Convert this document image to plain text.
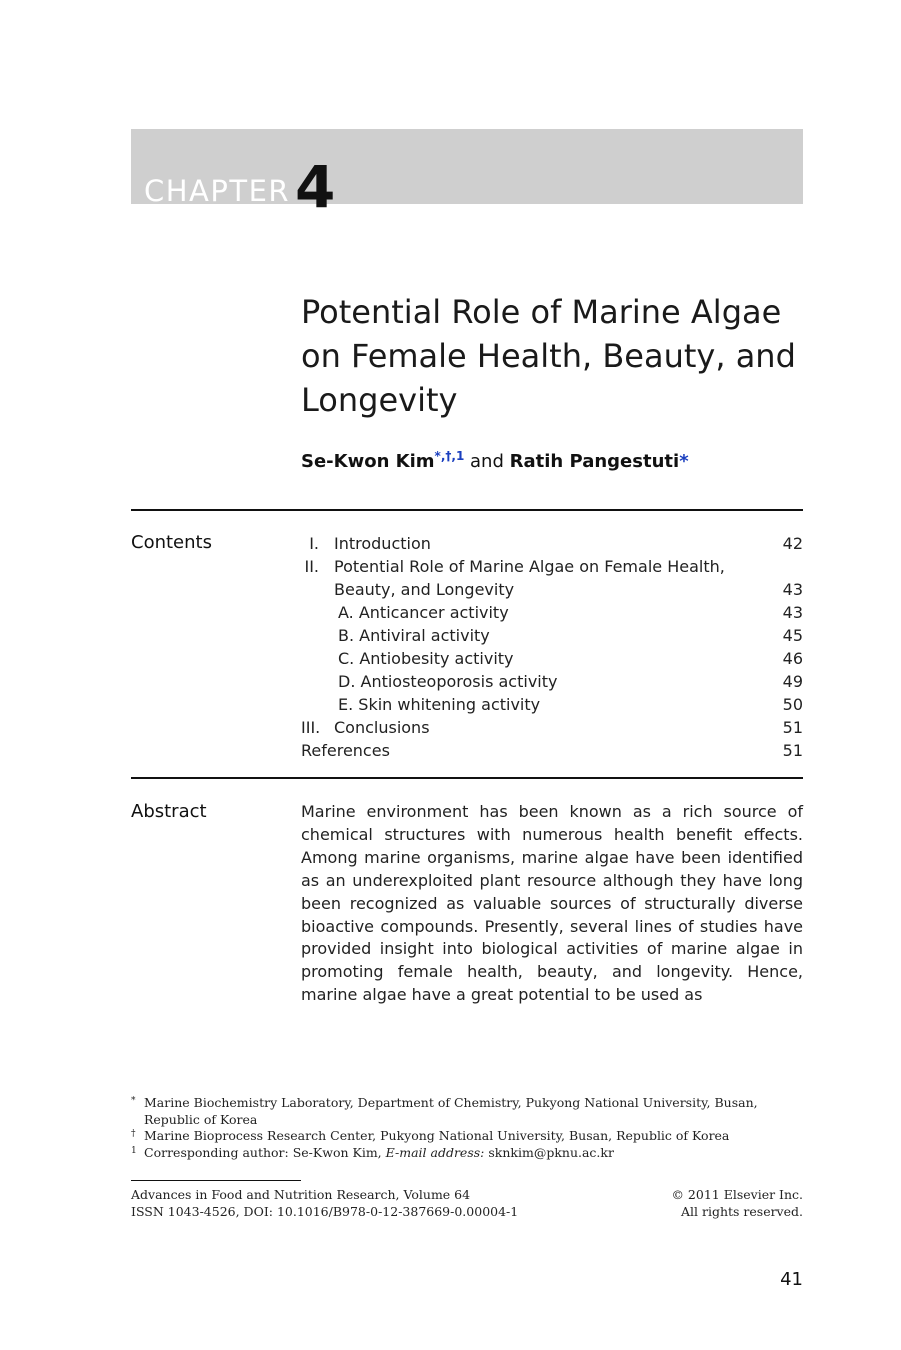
CHAPTER 4
Potential Role of Marine Algae on Female Health, Beauty, and Longevity
Se-Kwon Kim$^{*,\dagger,1}$ and Ratih Pangestuti*
Contents	I. Introduction	42
II. Potential Role of Marine Algae on Female Health,
Beauty, and Longevity	43
A. Anticancer activity	43
B. Antiviral activity	45
C. Antiobesity activity	46
D. Antiosteoporosis activity	49
E. Skin whitening activity	50
III. Conclusions	51
References	51
Abstract	Marine environment has been known as a rich source of chemical structures with numerous health benefit effects. Among marine organisms, marine algae have been identified as an underexploited plant resource although they have long been recognized as valuable sources of structurally diverse bioactive compounds. Presently, several lines of studies have provided insight into biological activities of marine algae in promoting female health, beauty, and longevity. Hence, marine algae have a great potential to be used as
* Marine Biochemistry Laboratory, Department of Chemistry, Pukyong National University, Busan, Republic of Korea
† Marine Bioprocess Research Center, Pukyong National University, Busan, Republic of Korea
1 Corresponding author: Se-Kwon Kim, E-mail address: sknkim@pknu.ac.kr
Advances in Food and Nutrition Research, Volume 64
ISSN 1043-4526, DOI: 10.1016/B978-0-12-387669-0.00004-1
© 2011 Elsevier Inc.
All rights reserved.
41
